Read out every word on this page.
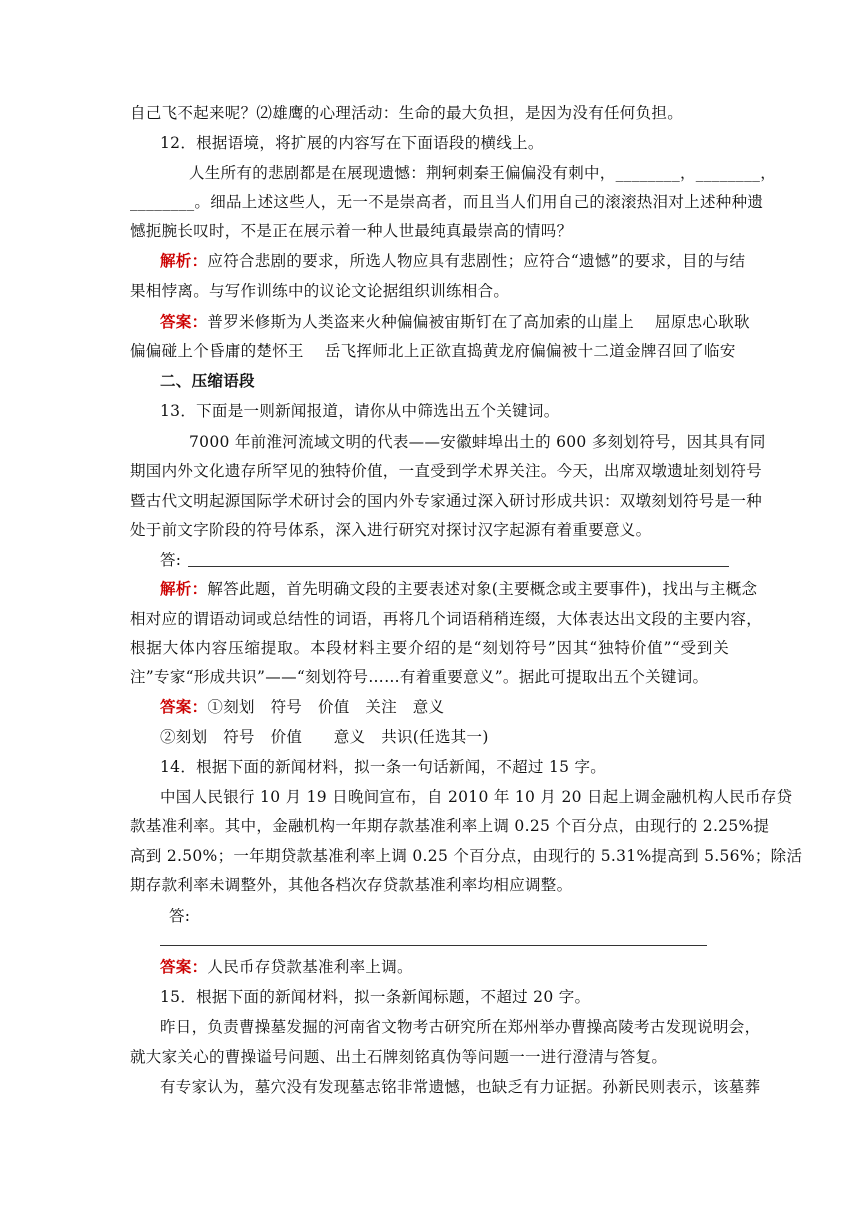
自己飞不起来呢？⑵雄鹰的心理活动：生命的最大负担，是因为没有任何负担。
12．根据语境，将扩展的内容写在下面语段的横线上。
人生所有的悲剧都是在展现遗憾：荆轲刺秦王偏偏没有刺中，________，________，
________。细品上述这些人，无一不是崇高者，而且当人们用自己的滚滚热泪对上述种种遗
憾扼腕长叹时，不是正在展示着一种人世最纯真最崇高的情吗？
解析：应符合悲剧的要求，所选人物应具有悲剧性；应符合“遗憾”的要求，目的与结
果相悖离。与写作训练中的议论文论据组织训练相合。
答案：普罗米修斯为人类盗来火种偏偏被宙斯钉在了高加索的山崖上　 屈原忠心耿耿
偏偏碰上个昏庸的楚怀王　 岳飞挥师北上正欲直捣黄龙府偏偏被十二道金牌召回了临安
二、压缩语段
13．下面是一则新闻报道，请你从中筛选出五个关键词。
7000 年前淮河流域文明的代表——安徽蚌埠出土的 600 多刻划符号，因其具有同
期国内外文化遗存所罕见的独特价值，一直受到学术界关注。今天，出席双墩遗址刻划符号
暨古代文明起源国际学术研讨会的国内外专家通过深入研讨形成共识：双墩刻划符号是一种
处于前文字阶段的符号体系，深入进行研究对探讨汉字起源有着重要意义。
答:
解析：解答此题，首先明确文段的主要表述对象(主要概念或主要事件)，找出与主概念
相对应的谓语动词或总结性的词语，再将几个词语稍稍连缀，大体表达出文段的主要内容，
根据大体内容压缩提取。本段材料主要介绍的是“刻划符号”因其“独特价值”“受到关
注”专家“形成共识”——“刻划符号……有着重要意义”。据此可提取出五个关键词。
答案：①刻划　符号　价值　关注　意义
②刻划　符号　价值　　意义　共识(任选其一)
14．根据下面的新闻材料，拟一条一句话新闻，不超过 15 字。
中国人民银行 10 月 19 日晚间宣布，自 2010 年 10 月 20 日起上调金融机构人民币存贷
款基准利率。其中，金融机构一年期存款基准利率上调 0.25 个百分点，由现行的 2.25%提
高到 2.50%；一年期贷款基准利率上调 0.25 个百分点，由现行的 5.31%提高到 5.56%；除活
期存款利率未调整外，其他各档次存贷款基准利率均相应调整。
答:
答案：人民币存贷款基准利率上调。
15．根据下面的新闻材料，拟一条新闻标题，不超过 20 字。
昨日，负责曹操墓发掘的河南省文物考古研究所在郑州举办曹操高陵考古发现说明会，
就大家关心的曹操谥号问题、出土石牌刻铭真伪等问题一一进行澄清与答复。
有专家认为，墓穴没有发现墓志铭非常遗憾，也缺乏有力证据。孙新民则表示，该墓葬
